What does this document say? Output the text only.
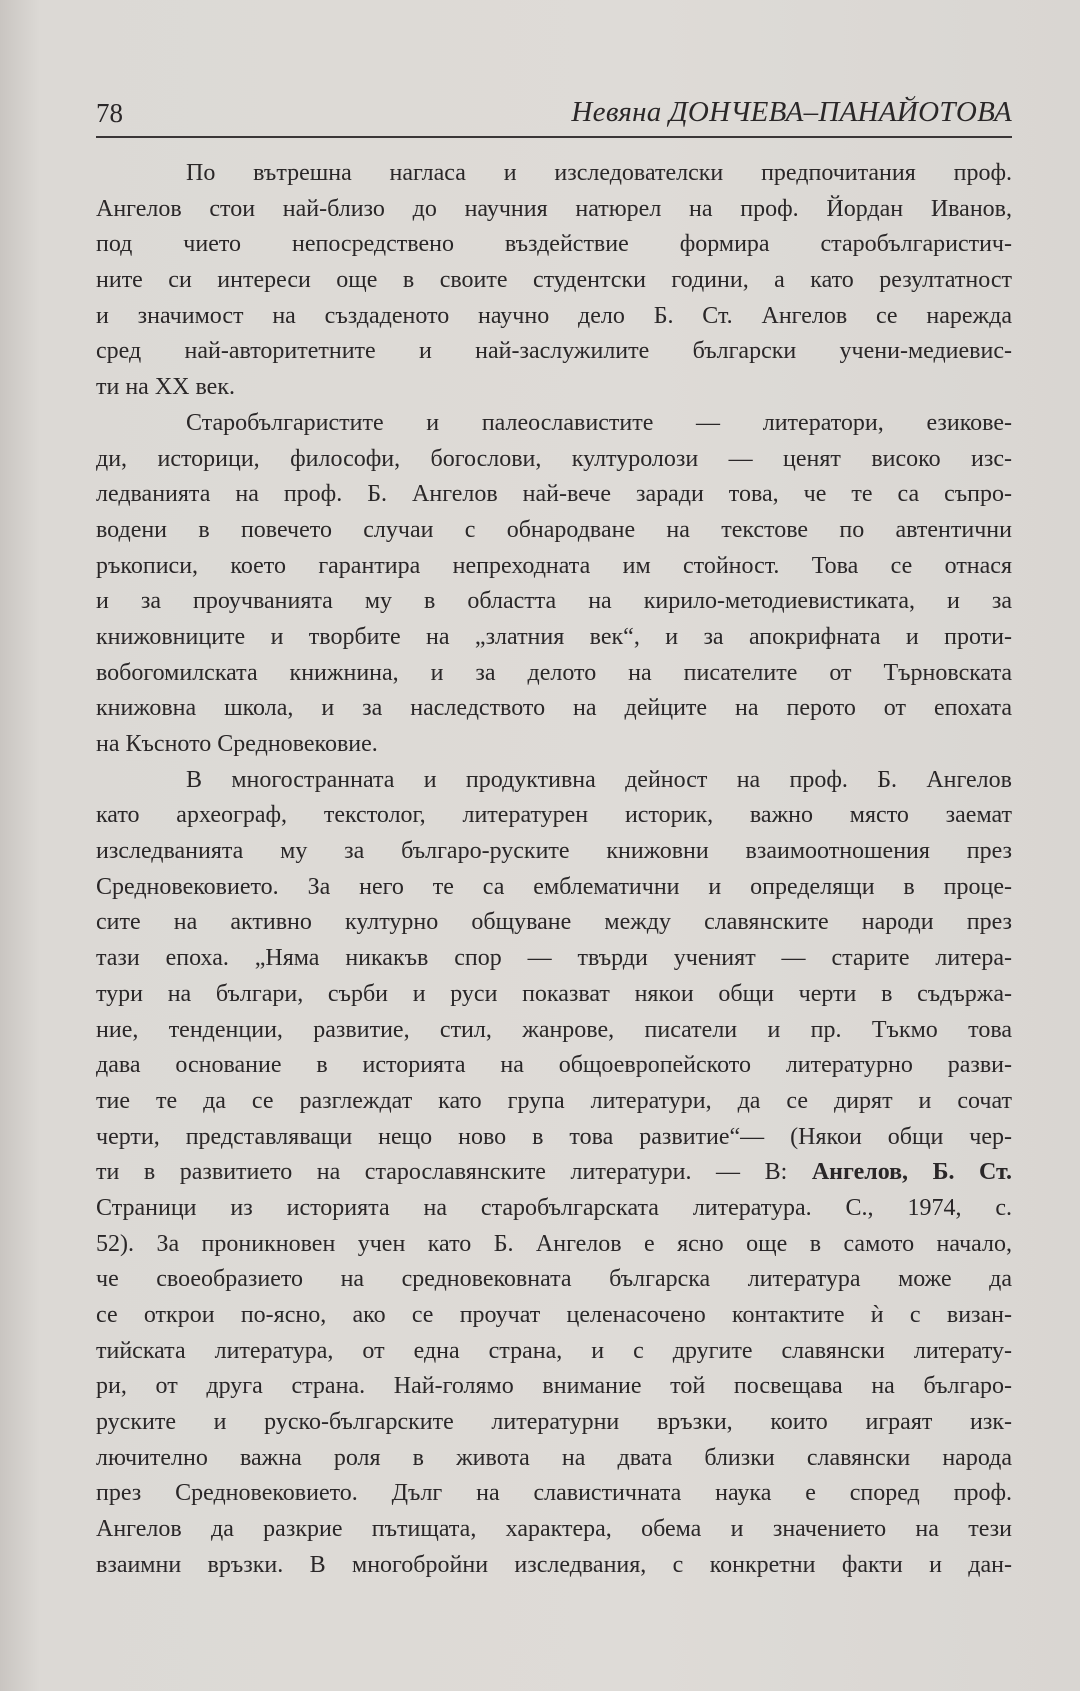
78	Невяна ДОНЧЕВА–ПАНАЙОТОВА

По вътрешна нагласа и изследователски предпочитания проф.
Ангелов стои най-близо до научния натюрел на проф. Йордан Иванов,
под чието непосредствено въздействие формира старобългаристич-
ните си интереси още в своите студентски години, а като резултатност
и значимост на създаденото научно дело Б. Ст. Ангелов се нарежда
сред най-авторитетните и най-заслужилите български учени-медиевис-
ти на XX век.

Старобългаристите и палеославистите — литератори, езикове-
ди, историци, философи, богослови, културолози — ценят високо изс-
ледванията на проф. Б. Ангелов най-вече заради това, че те са съпро-
водени в повечето случаи с обнародване на текстове по автентични
ръкописи, което гарантира непреходната им стойност. Това се отнася
и за проучванията му в областта на кирило-методиевистиката, и за
книжовниците и творбите на „златния век“, и за апокрифната и проти-
вобогомилската книжнина, и за делото на писателите от Търновската
книжовна школа, и за наследството на дейците на перото от епохата
на Късното Средновековие.

В многостранната и продуктивна дейност на проф. Б. Ангелов
като археограф, текстолог, литературен историк, важно място заемат
изследванията му за българо-руските книжовни взаимоотношения през
Средновековието. За него те са емблематични и определящи в проце-
сите на активно културно общуване между славянските народи през
тази епоха. „Няма никакъв спор — твърди ученият — старите литера-
тури на българи, сърби и руси показват някои общи черти в съдържа-
ние, тенденции, развитие, стил, жанрове, писатели и пр. Тъкмо това
дава основание в историята на общоевропейското литературно разви-
тие те да се разглеждат като група литератури, да се дирят и сочат
черти, представляващи нещо ново в това развитие“— (Някои общи чер-
ти в развитието на старославянските литератури. — В: Ангелов, Б. Ст.
Страници из историята на старобългарската литература. С., 1974, с.
52). За проникновен учен като Б. Ангелов е ясно още в самото начало,
че своеобразието на средновековната българска литература може да
се открои по-ясно, ако се проучат целенасочено контактите ѝ с визан-
тийската литература, от една страна, и с другите славянски литерату-
ри, от друга страна. Най-голямо внимание той посвещава на българо-
руските и руско-българските литературни връзки, които играят изк-
лючително важна роля в живота на двата близки славянски народа
през Средновековието. Дълг на славистичната наука е според проф.
Ангелов да разкрие пътищата, характера, обема и значението на тези
взаимни връзки. В многобройни изследвания, с конкретни факти и дан-
